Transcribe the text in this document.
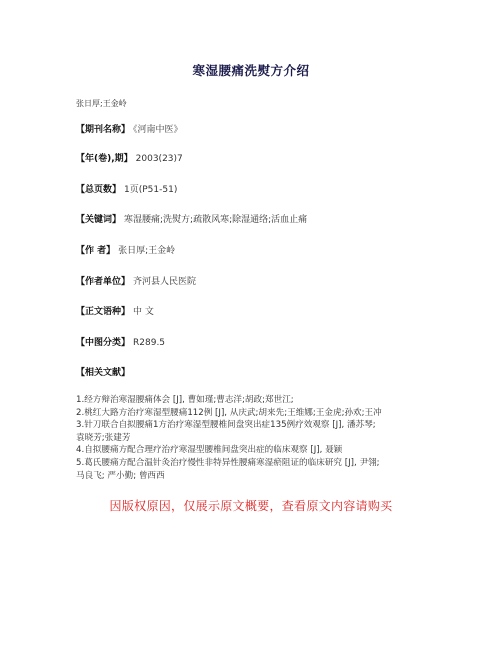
寒湿腰痛洗熨方介绍
张日厚;王金岭
【期刊名称】 《河南中医》
【年(卷),期】 2003(23)7
【总页数】 1页(P51-51)
【关键词】 寒湿腰痛;洗熨方;疏散风寒;除湿通络;活血止痛
【作 者】 张日厚;王金岭
【作者单位】 齐河县人民医院
【正文语种】 中 文
【中图分类】 R289.5
【相关文献】
1.经方辩治寒湿腰痛体会 [J], 曹如瑾;曹志洋;胡政;郑世江;
2.桃红大路方治疗寒湿型腰痛112例 [J], 从庆武;胡来先;王维娜;王金虎;孙欢;王冲
3.针刀联合自拟腰痛1方治疗寒湿型腰椎间盘突出症135例疗效观察 [J], 潘苏琴;
袁晓芳;张建芳
4.自拟腰痛方配合理疗治疗寒湿型腰椎间盘突出症的临床观察 [J], 聂颖
5.葛氏腰痛方配合温针灸治疗慢性非特异性腰痛寒湿瘀阻证的临床研究 [J], 尹翎;
马良飞; 严小勤; 曾西西
因版权原因，仅展示原文概要，查看原文内容请购买
